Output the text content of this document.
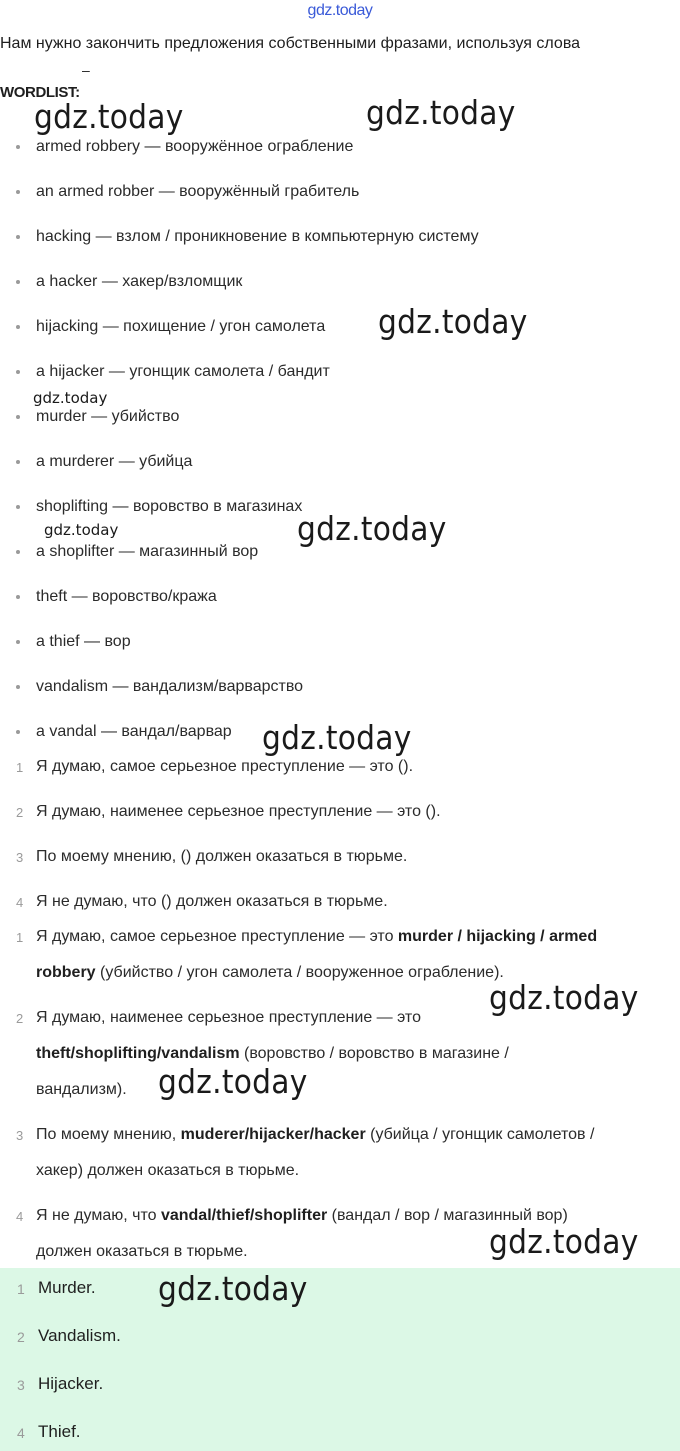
gdz.today
Нам нужно закончить предложения собственными фразами, используя слова
–
WORDLIST:
armed robbery — вооружённое ограбление
an armed robber — вооружённый грабитель
hacking — взлом / проникновение в компьютерную систему
a hacker — хакер/взломщик
hijacking — похищение / угон самолета
a hijacker — угонщик самолета / бандит
murder — убийство
a murderer — убийца
shoplifting — воровство в магазинах
a shoplifter — магазинный вор
theft — воровство/кража
a thief — вор
vandalism — вандализм/варварство
a vandal — вандал/варвар
1 Я думаю, самое серьезное преступление — это ().
2 Я думаю, наименее серьезное преступление — это ().
3 По моему мнению, () должен оказаться в тюрьме.
4 Я не думаю, что () должен оказаться в тюрьме.
1 Я думаю, самое серьезное преступление — это murder / hijacking / armed
robbery (убийство / угон самолета / вооруженное ограбление).
2 Я думаю, наименее серьезное преступление — это
theft/shoplifting/vandalism (воровство / воровство в магазине /
вандализм).
3 По моему мнению, muderer/hijacker/hacker (убийца / угонщик самолетов /
хакер) должен оказаться в тюрьме.
4 Я не думаю, что vandal/thief/shoplifter (вандал / вор / магазинный вор)
должен оказаться в тюрьме.
1 Murder.
2 Vandalism.
3 Hijacker.
4 Thief.
gdz.today	gdz.today
gdz.today
gdz.today
gdz.today	gdz.today
gdz.today
gdz.today
gdz.today
gdz.today
gdz.today
